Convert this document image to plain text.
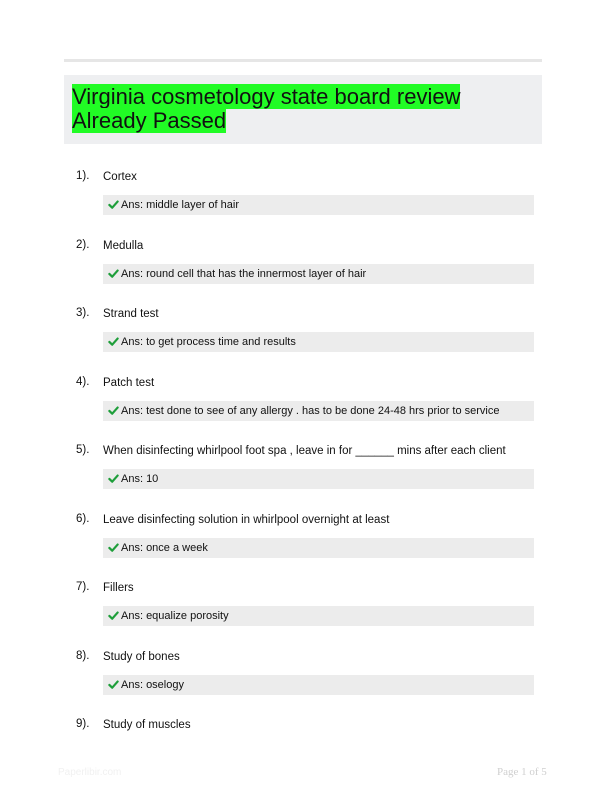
Virginia cosmetology state board review Already Passed
1). Cortex
Ans: middle layer of hair
2). Medulla
Ans: round cell that has the innermost layer of hair
3). Strand test
Ans: to get process time and results
4). Patch test
Ans: test done to see of any allergy . has to be done 24-48 hrs prior to service
5). When disinfecting whirlpool foot spa , leave in for ______ mins after each client
Ans: 10
6). Leave disinfecting solution in whirlpool overnight at least
Ans: once a week
7). Fillers
Ans: equalize porosity
8). Study of bones
Ans: oselogy
9). Study of muscles
Paperlibir.com	Page 1 of 5
